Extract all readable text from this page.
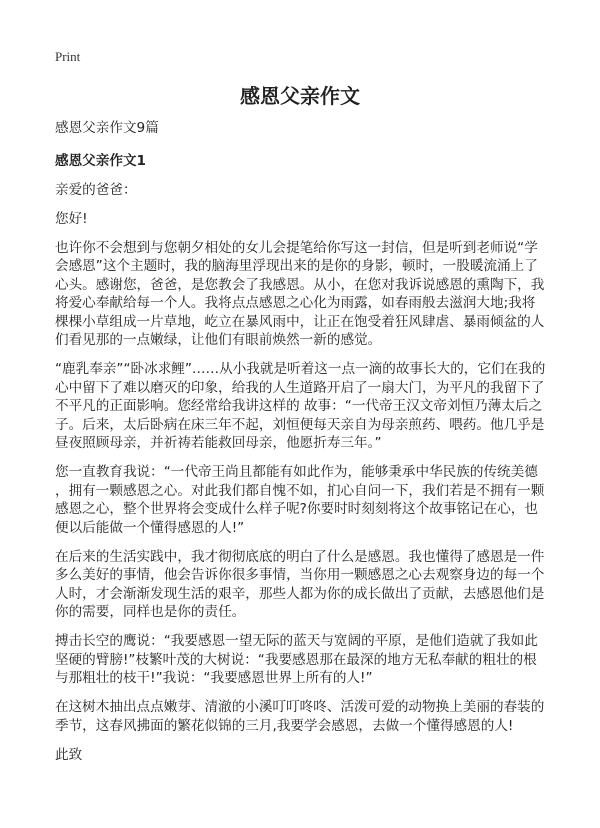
Print
感恩父亲作文
感恩父亲作文9篇
感恩父亲作文1
亲爱的爸爸：
您好!
也许你不会想到与您朝夕相处的女儿会提笔给你写这一封信，但是听到老师说“学
会感恩”这个主题时，我的脑海里浮现出来的是你的身影，顿时，一股暖流涌上了
心头。感谢您，爸爸，是您教会了我感恩。从小，在您对我诉说感恩的熏陶下，我
将爱心奉献给每一个人。我将点点感恩之心化为雨露，如春雨般去滋润大地;我将
棵棵小草组成一片草地，屹立在暴风雨中，让正在饱受着狂风肆虐、暴雨倾盆的人
们看见那的一点嫩绿，让他们有眼前焕然一新的感觉。
“鹿乳奉亲”“卧冰求鲤”……从小我就是听着这一点一滴的故事长大的，它们在我的
心中留下了难以磨灭的印象，给我的人生道路开启了一扇大门，为平凡的我留下了
不平凡的正面影响。您经常给我讲这样的 故事：“一代帝王汉文帝刘恒乃薄太后之
子。后来，太后卧病在床三年不起，刘恒便每天亲自为母亲煎药、喂药。他几乎是
昼夜照顾母亲，并祈祷若能救回母亲，他愿折寿三年。”
您一直教育我说：“一代帝王尚且都能有如此作为，能够秉承中华民族的传统美德
，拥有一颗感恩之心。对此我们都自愧不如，扪心自问一下，我们若是不拥有一颗
感恩之心，整个世界将会变成什么样子呢?你要时时刻刻将这个故事铭记在心，也
便以后能做一个懂得感恩的人!”
在后来的生活实践中，我才彻彻底底的明白了什么是感恩。我也懂得了感恩是一件
多么美好的事情，他会告诉你很多事情，当你用一颗感恩之心去观察身边的每一个
人时，才会渐渐发现生活的艰辛，那些人都为你的成长做出了贡献，去感恩他们是
你的需要，同样也是你的责任。
搏击长空的鹰说：“我要感恩一望无际的蓝天与宽阔的平原，是他们造就了我如此
坚硬的臂膀!”枝繁叶茂的大树说：“我要感恩那在最深的地方无私奉献的粗壮的根
与那粗壮的枝干!”我说：“我要感恩世界上所有的人!”
在这树木抽出点点嫩芽、清澈的小溪叮叮咚咚、活泼可爱的动物换上美丽的春装的
季节，这春风拂面的繁花似锦的三月,我要学会感恩，去做一个懂得感恩的人!
此致
